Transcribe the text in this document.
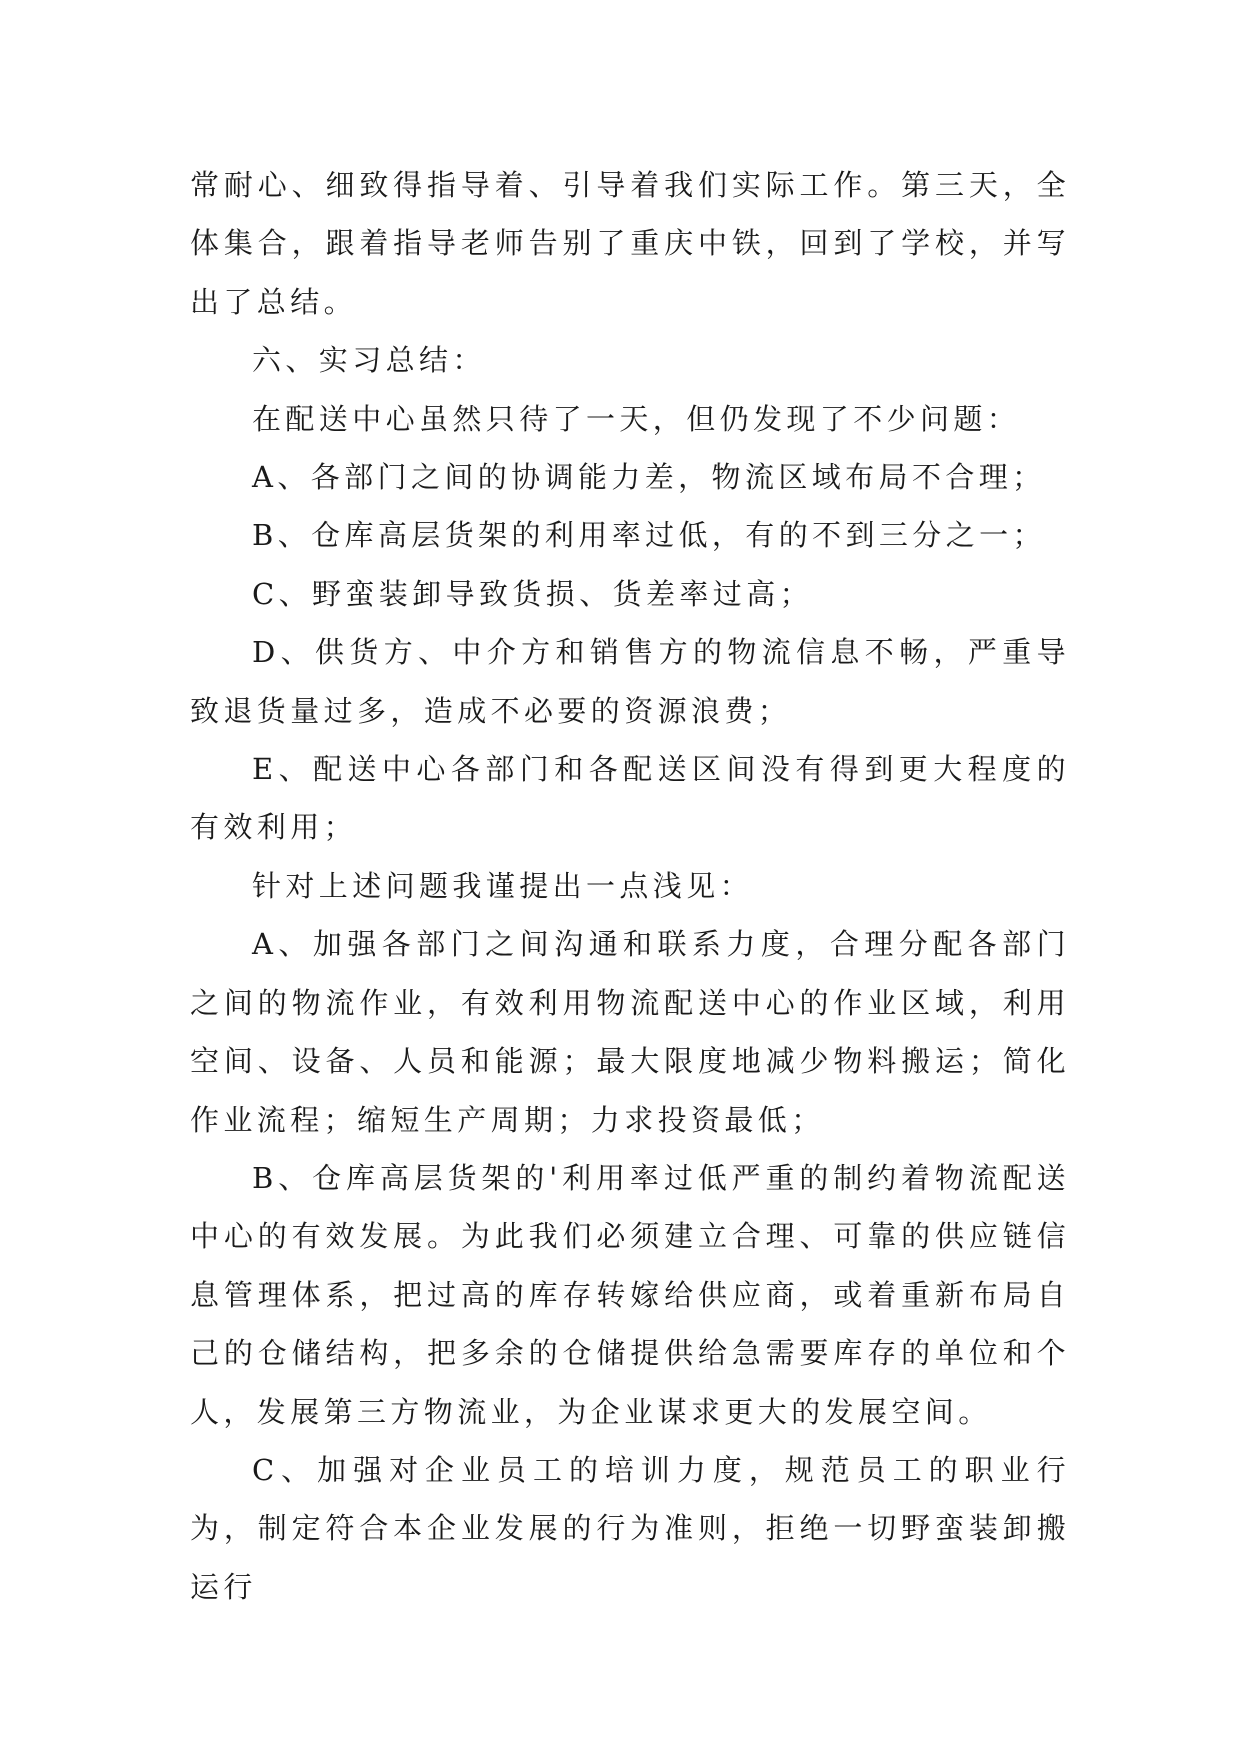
常耐心、细致得指导着、引导着我们实际工作。第三天，全体集合，跟着指导老师告别了重庆中铁，回到了学校，并写出了总结。

六、实习总结：

在配送中心虽然只待了一天，但仍发现了不少问题：

A、各部门之间的协调能力差，物流区域布局不合理；

B、仓库高层货架的利用率过低，有的不到三分之一；

C、野蛮装卸导致货损、货差率过高；

D、供货方、中介方和销售方的物流信息不畅，严重导致退货量过多，造成不必要的资源浪费；

E、配送中心各部门和各配送区间没有得到更大程度的有效利用；

针对上述问题我谨提出一点浅见：

A、加强各部门之间沟通和联系力度，合理分配各部门之间的物流作业，有效利用物流配送中心的作业区域，利用空间、设备、人员和能源；最大限度地减少物料搬运；简化作业流程；缩短生产周期；力求投资最低；

B、仓库高层货架的'利用率过低严重的制约着物流配送中心的有效发展。为此我们必须建立合理、可靠的供应链信息管理体系，把过高的库存转嫁给供应商，或着重新布局自己的仓储结构，把多余的仓储提供给急需要库存的单位和个人，发展第三方物流业，为企业谋求更大的发展空间。

C、加强对企业员工的培训力度，规范员工的职业行为，制定符合本企业发展的行为准则，拒绝一切野蛮装卸搬运行
